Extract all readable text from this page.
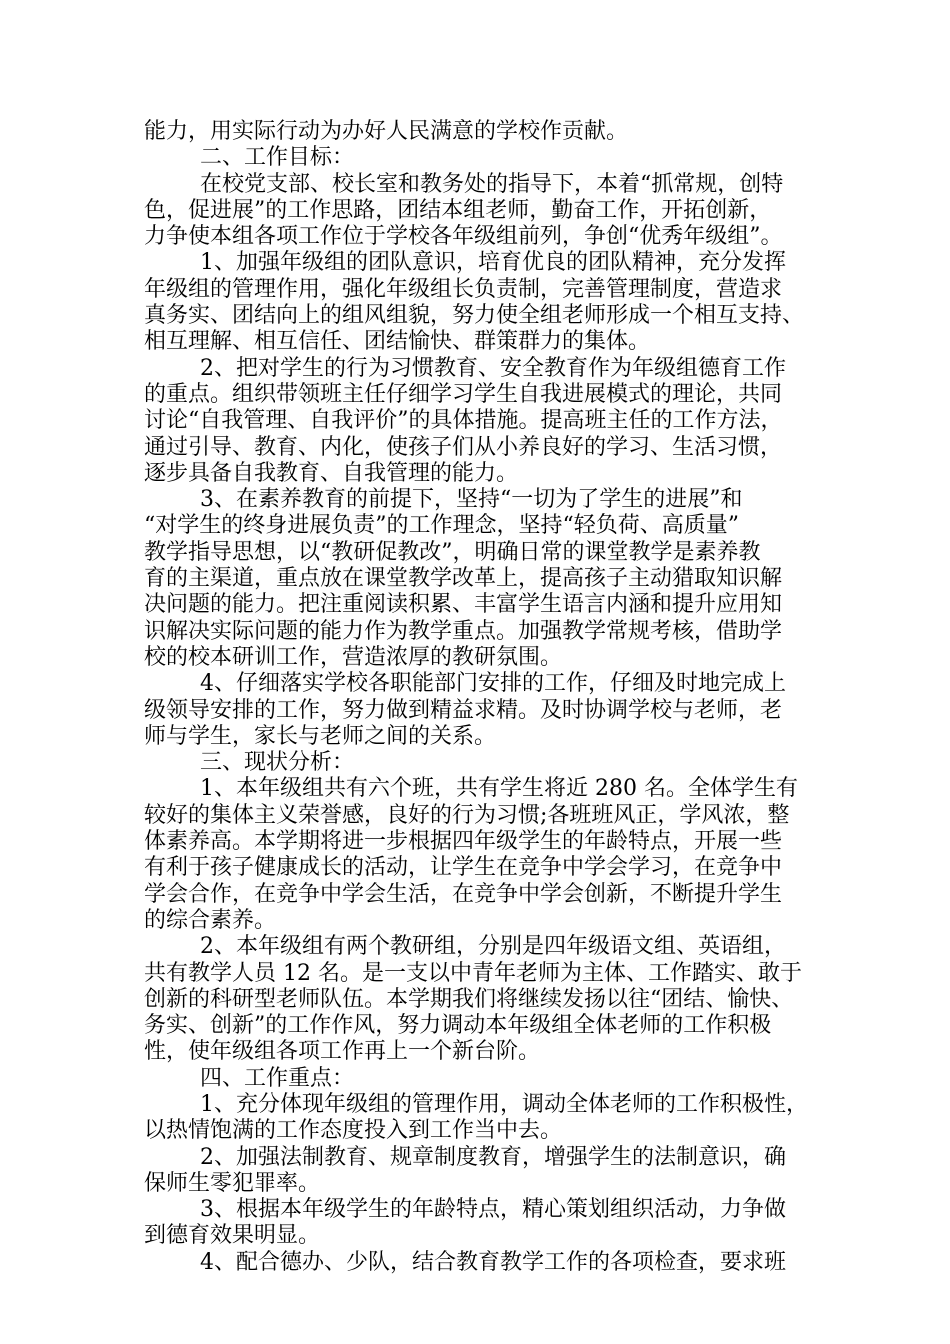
能力，用实际行动为办好人民满意的学校作贡献。
二、工作目标：
在校党支部、校长室和教务处的指导下，本着“抓常规，创特
色，促进展”的工作思路，团结本组老师，勤奋工作，开拓创新，
力争使本组各项工作位于学校各年级组前列，争创“优秀年级组”。
1、加强年级组的团队意识，培育优良的团队精神，充分发挥
年级组的管理作用，强化年级组长负责制，完善管理制度，营造求
真务实、团结向上的组风组貌，努力使全组老师形成一个相互支持、
相互理解、相互信任、团结愉快、群策群力的集体。
2、把对学生的行为习惯教育、安全教育作为年级组德育工作
的重点。组织带领班主任仔细学习学生自我进展模式的理论，共同
讨论“自我管理、自我评价”的具体措施。提高班主任的工作方法，
通过引导、教育、内化，使孩子们从小养良好的学习、生活习惯，
逐步具备自我教育、自我管理的能力。
3、在素养教育的前提下，坚持“一切为了学生的进展”和
“对学生的终身进展负责”的工作理念，坚持“轻负荷、高质量”
教学指导思想，以“教研促教改”，明确日常的课堂教学是素养教
育的主渠道，重点放在课堂教学改革上，提高孩子主动猎取知识解
决问题的能力。把注重阅读积累、丰富学生语言内涵和提升应用知
识解决实际问题的能力作为教学重点。加强教学常规考核，借助学
校的校本研训工作，营造浓厚的教研氛围。
4、仔细落实学校各职能部门安排的工作，仔细及时地完成上
级领导安排的工作，努力做到精益求精。及时协调学校与老师，老
师与学生，家长与老师之间的关系。
三、现状分析：
1、本年级组共有六个班，共有学生将近 280 名。全体学生有
较好的集体主义荣誉感，良好的行为习惯;各班班风正，学风浓，整
体素养高。本学期将进一步根据四年级学生的年龄特点，开展一些
有利于孩子健康成长的活动，让学生在竞争中学会学习，在竞争中
学会合作，在竞争中学会生活，在竞争中学会创新，不断提升学生
的综合素养。
2、本年级组有两个教研组，分别是四年级语文组、英语组，
共有教学人员 12 名。是一支以中青年老师为主体、工作踏实、敢于
创新的科研型老师队伍。本学期我们将继续发扬以往“团结、愉快、
务实、创新”的工作作风，努力调动本年级组全体老师的工作积极
性，使年级组各项工作再上一个新台阶。
四、工作重点：
1、充分体现年级组的管理作用，调动全体老师的工作积极性，
以热情饱满的工作态度投入到工作当中去。
2、加强法制教育、规章制度教育，增强学生的法制意识，确
保师生零犯罪率。
3、根据本年级学生的年龄特点，精心策划组织活动，力争做
到德育效果明显。
4、配合德办、少队，结合教育教学工作的各项检查，要求班
